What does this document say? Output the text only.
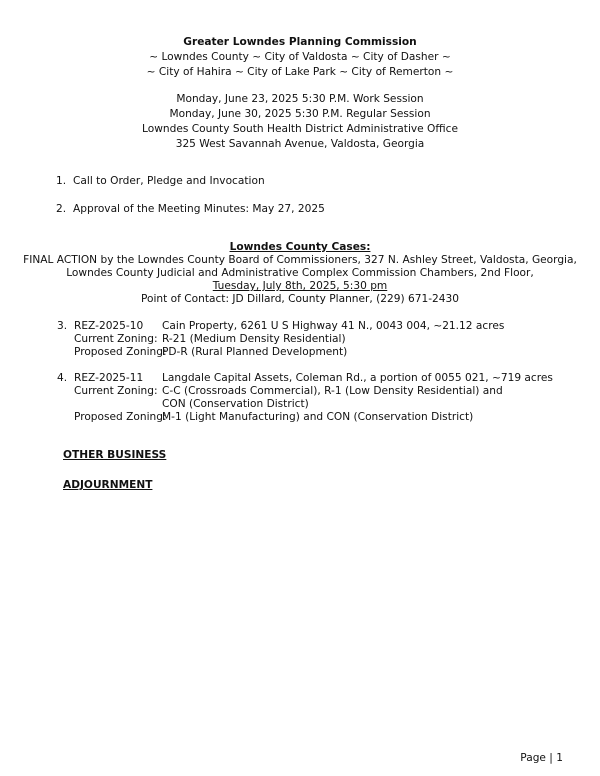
Greater Lowndes Planning Commission
~ Lowndes County ~ City of Valdosta ~ City of Dasher ~
~ City of Hahira ~ City of Lake Park ~ City of Remerton ~
Monday, June 23, 2025 5:30 P.M. Work Session
Monday, June 30, 2025 5:30 P.M. Regular Session
Lowndes County South Health District Administrative Office
325 West Savannah Avenue, Valdosta, Georgia
1. Call to Order, Pledge and Invocation
2. Approval of the Meeting Minutes: May 27, 2025
Lowndes County Cases:
FINAL ACTION by the Lowndes County Board of Commissioners, 327 N. Ashley Street, Valdosta, Georgia,
Lowndes County Judicial and Administrative Complex Commission Chambers, 2nd Floor,
Tuesday, July 8th, 2025, 5:30 pm
Point of Contact: JD Dillard, County Planner, (229) 671-2430
3. REZ-2025-10 Cain Property, 6261 U S Highway 41 N., 0043 004, ~21.12 acres
Current Zoning: R-21 (Medium Density Residential)
Proposed Zoning:
PD-R (Rural Planned Development)
4. REZ-2025-11 Langdale Capital Assets, Coleman Rd., a portion of 0055 021, ~719 acres
Current Zoning: C-C (Crossroads Commercial), R-1 (Low Density Residential) and
CON (Conservation District)
Proposed Zoning:
M-1 (Light Manufacturing) and CON (Conservation District)
OTHER BUSINESS
ADJOURNMENT
Page | 1
